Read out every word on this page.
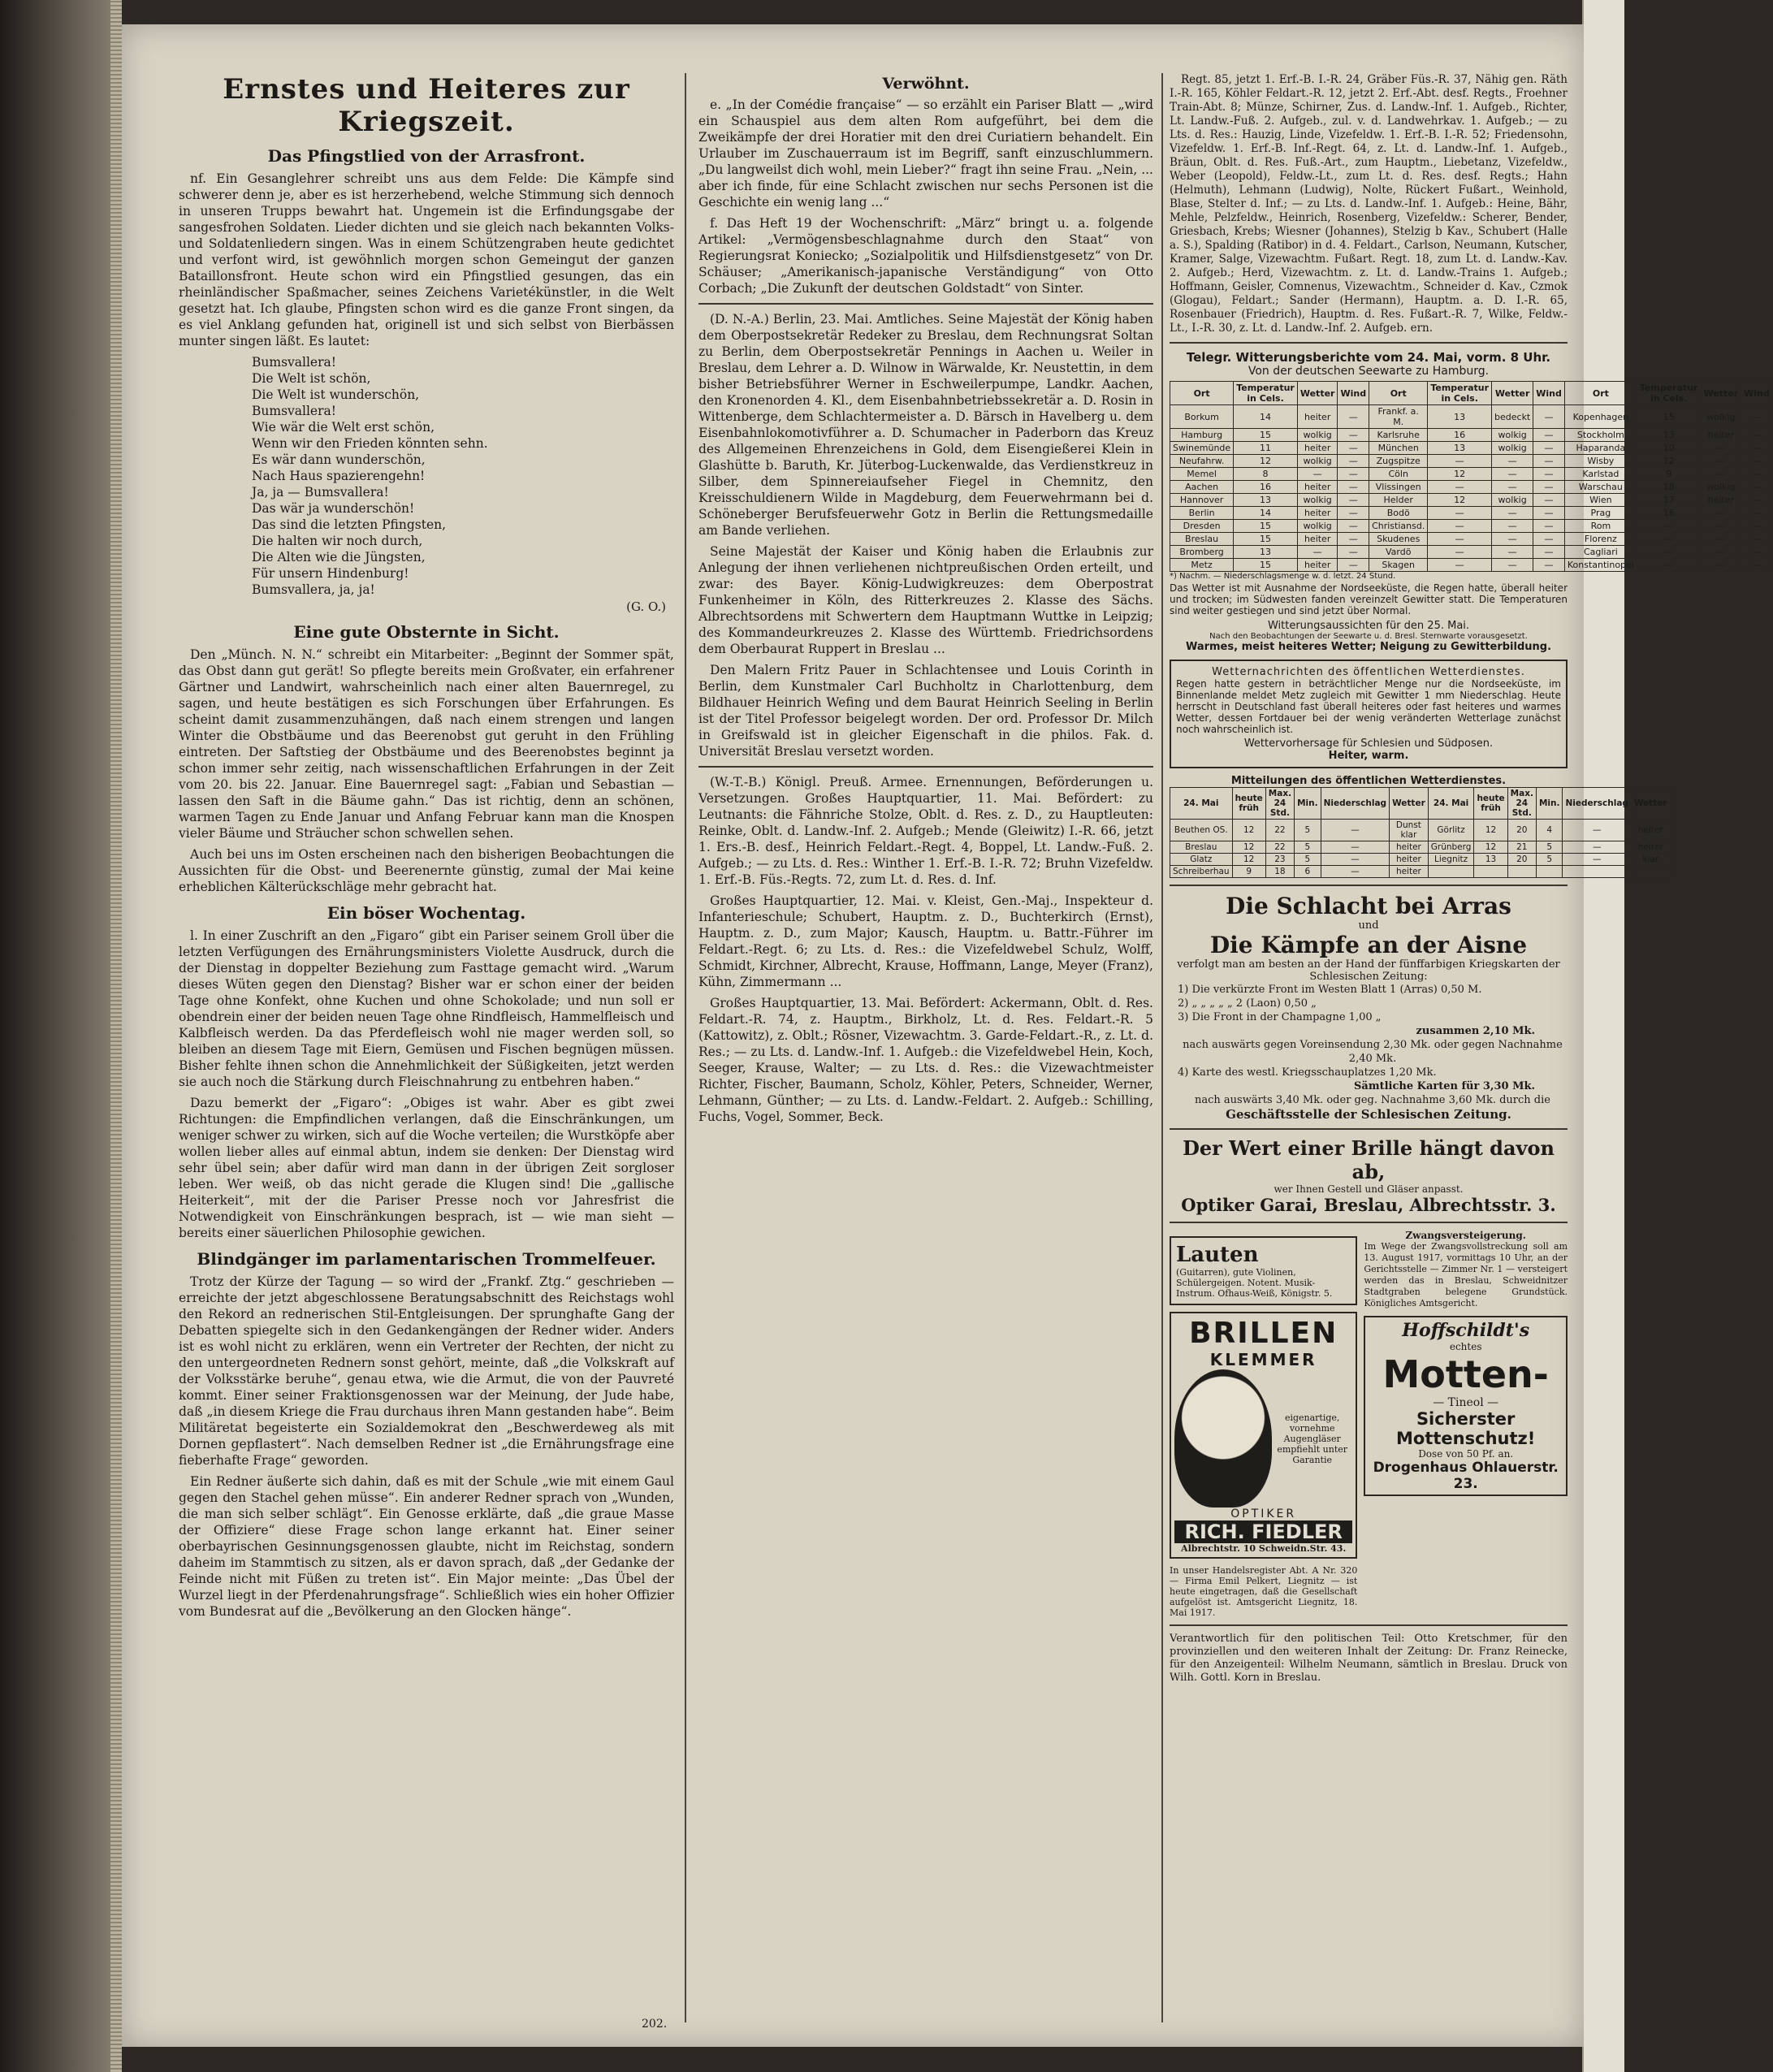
Ernstes und Heiteres zur Kriegszeit.
Das Pfingstlied von der Arrasfront.

nf. Ein Gesanglehrer schreibt uns aus dem Felde: Die Kämpfe sind schwerer denn je, aber es ist herzerhebend, welche Stimmung sich dennoch in unseren Trupps bewahrt hat. Ungemein ist die Erfindungsgabe der sangesfrohen Soldaten. Lieder dichten und sie gleich nach bekannten Volks- und Soldatenliedern singen. Was in einem Schützengraben heute gedichtet und verfont wird, ist gewöhnlich morgen schon Gemeingut der ganzen Bataillonsfront. Heute schon wird ein Pfingstlied gesungen, das ein rheinländischer Spaßmacher, seines Zeichens Varietékünstler, in die Welt gesetzt hat. Ich glaube, Pfingsten schon wird es die ganze Front singen, da es viel Anklang gefunden hat, originell ist und sich selbst von Bierbässen munter singen läßt. Es lautet:

Bumsvallera!
Die Welt ist schön,
Die Welt ist wunderschön,
Bumsvallera!
Wie wär die Welt erst schön,
Wenn wir den Frieden könnten sehn.
Es wär dann wunderschön,
Nach Haus spazierengehn!
Ja, ja — Bumsvallera!
Das wär ja wunderschön!
Das sind die letzten Pfingsten,
Die halten wir noch durch,
Die Alten wie die Jüngsten,
Für unsern Hindenburg!
Bumsvallera, ja, ja!
(G. O.)
Eine gute Obsternte in Sicht.

Den „Münch. N. N.“ schreibt ein Mitarbeiter: „Beginnt der Sommer spät, das Obst dann gut gerät! So pflegte bereits mein Großvater, ein erfahrener Gärtner und Landwirt, wahrscheinlich nach einer alten Bauernregel, zu sagen, und heute bestätigen es sich Forschungen über Erfahrungen. Es scheint damit zusammenzuhängen, daß nach einem strengen und langen Winter die Obstbäume und das Beerenobst gut geruht in den Frühling eintreten. Der Saftstieg der Obstbäume und des Beerenobstes beginnt ja schon immer sehr zeitig, nach wissenschaftlichen Erfahrungen in der Zeit vom 20. bis 22. Januar. Eine Bauernregel sagt: „Fabian und Sebastian — lassen den Saft in die Bäume gahn.“ Das ist richtig, denn an schönen, warmen Tagen zu Ende Januar und Anfang Februar kann man die Knospen vieler Bäume und Sträucher schon schwellen sehen.

Auch bei uns im Osten erscheinen nach den bisherigen Beobachtungen die Aussichten für die Obst- und Beerenernte günstig, zumal der Mai keine erheblichen Kälterückschläge mehr gebracht hat.

Ein böser Wochentag.

l. In einer Zuschrift an den „Figaro“ gibt ein Pariser seinem Groll über die letzten Verfügungen des Ernährungsministers Violette Ausdruck, durch die der Dienstag in doppelter Beziehung zum Fasttage gemacht wird. „Warum dieses Wüten gegen den Dienstag? Bisher war er schon einer der beiden Tage ohne Konfekt, ohne Kuchen und ohne Schokolade; und nun soll er obendrein einer der beiden neuen Tage ohne Rindfleisch, Hammelfleisch und Kalbfleisch werden. Da das Pferdefleisch wohl nie mager werden soll, so bleiben an diesem Tage mit Eiern, Gemüsen und Fischen begnügen müssen. Bisher fehlte ihnen schon die Annehmlichkeit der Süßigkeiten, jetzt werden sie auch noch die Stärkung durch Fleischnahrung zu entbehren haben.“

Dazu bemerkt der „Figaro“: „Obiges ist wahr. Aber es gibt zwei Richtungen: die Empfindlichen verlangen, daß die Einschränkungen, um weniger schwer zu wirken, sich auf die Woche verteilen; die Wurstköpfe aber wollen lieber alles auf einmal abtun, indem sie denken: Der Dienstag wird sehr übel sein; aber dafür wird man dann in der übrigen Zeit sorgloser leben. Wer weiß, ob das nicht gerade die Klugen sind! Die „gallische Heiterkeit“, mit der die Pariser Presse noch vor Jahresfrist die Notwendigkeit von Einschränkungen besprach, ist — wie man sieht — bereits einer säuerlichen Philosophie gewichen.

Blindgänger im parlamentarischen Trommelfeuer.

Trotz der Kürze der Tagung — so wird der „Frankf. Ztg.“ geschrieben — erreichte der jetzt abgeschlossene Beratungsabschnitt des Reichstags wohl den Rekord an rednerischen Stil-Entgleisungen. Der sprunghafte Gang der Debatten spiegelte sich in den Gedankengängen der Redner wider. Anders ist es wohl nicht zu erklären, wenn ein Vertreter der Rechten, der nicht zu den untergeordneten Rednern sonst gehört, meinte, daß „die Volkskraft auf der Volksstärke beruhe“, genau etwa, wie die Armut, die von der Pauvreté kommt. Einer seiner Fraktionsgenossen war der Meinung, der Jude habe, daß „in diesem Kriege die Frau durchaus ihren Mann gestanden habe“. Beim Militäretat begeisterte ein Sozialdemokrat den „Beschwerdeweg als mit Dornen gepflastert“. Nach demselben Redner ist „die Ernährungsfrage eine fieberhafte Frage“ geworden.

Ein Redner äußerte sich dahin, daß es mit der Schule „wie mit einem Gaul gegen den Stachel gehen müsse“. Ein anderer Redner sprach von „Wunden, die man sich selber schlägt“. Ein Genosse erklärte, daß „die graue Masse der Offiziere“ diese Frage schon lange erkannt hat. Einer seiner oberbayrischen Gesinnungsgenossen glaubte, nicht im Reichstag, sondern daheim im Stammtisch zu sitzen, als er davon sprach, daß „der Gedanke der Feinde nicht mit Füßen zu treten ist“. Ein Major meinte: „Das Übel der Wurzel liegt in der Pferdenahrungsfrage“. Schließlich wies ein hoher Offizier vom Bundesrat auf die „Bevölkerung an den Glocken hänge“.

202.
Verwöhnt.

e. „In der Comédie française“ — so erzählt ein Pariser Blatt — „wird ein Schauspiel aus dem alten Rom aufgeführt, bei dem die Zweikämpfe der drei Horatier mit den drei Curiatiern behandelt. Ein Urlauber im Zuschauerraum ist im Begriff, sanft einzuschlummern. „Du langweilst dich wohl, mein Lieber?“ fragt ihn seine Frau. „Nein, ... aber ich finde, für eine Schlacht zwischen nur sechs Personen ist die Geschichte ein wenig lang ...“

f. Das Heft 19 der Wochenschrift: „März“ bringt u. a. folgende Artikel: „Vermögensbeschlagnahme durch den Staat“ von Regierungsrat Koniecko; „Sozialpolitik und Hilfsdienstgesetz“ von Dr. Schäuser; „Amerikanisch-japanische Verständigung“ von Otto Corbach; „Die Zukunft der deutschen Goldstadt“ von Sinter.

(D. N.-A.) Berlin, 23. Mai. Amtliches. Seine Majestät der König haben dem Oberpostsekretär Redeker zu Breslau, dem Rechnungsrat Soltan zu Berlin, dem Oberpostsekretär Pennings in Aachen u. Weiler in Breslau, dem Lehrer a. D. Wilnow in Wärwalde, Kr. Neustettin, in dem bisher Betriebsführer Werner in Eschweilerpumpe, Landkr. Aachen, den Kronenorden 4. Kl., dem Eisenbahnbetriebssekretär a. D. Rosin in Wittenberge, dem Schlachtermeister a. D. Bärsch in Havelberg u. dem Eisenbahnlokomotivführer a. D. Schumacher in Paderborn das Kreuz des Allgemeinen Ehrenzeichens in Gold, dem Eisengießerei Klein in Glashütte b. Baruth, Kr. Jüterbog-Luckenwalde, das Verdienstkreuz in Silber, dem Spinnereiaufseher Fiegel in Chemnitz, den Kreisschuldienern Wilde in Magdeburg, dem Feuerwehrmann bei d. Schöneberger Berufsfeuerwehr Gotz in Berlin die Rettungsmedaille am Bande verliehen.

Seine Majestät der Kaiser und König haben die Erlaubnis zur Anlegung der ihnen verliehenen nichtpreußischen Orden erteilt, und zwar: des Bayer. König-Ludwigkreuzes: dem Oberpostrat Funkenheimer in Köln, des Ritterkreuzes 2. Klasse des Sächs. Albrechtsordens mit Schwertern dem Hauptmann Wuttke in Leipzig; des Kommandeurkreuzes 2. Klasse des Württemb. Friedrichsordens dem Oberbaurat Ruppert in Breslau ...

Den Malern Fritz Pauer in Schlachtensee und Louis Corinth in Berlin, dem Kunstmaler Carl Buchholtz in Charlottenburg, dem Bildhauer Heinrich Wefing und dem Baurat Heinrich Seeling in Berlin ist der Titel Professor beigelegt worden. Der ord. Professor Dr. Milch in Greifswald ist in gleicher Eigenschaft in die philos. Fak. d. Universität Breslau versetzt worden.

(W.-T.-B.) Königl. Preuß. Armee. Ernennungen, Beförderungen u. Versetzungen. Großes Hauptquartier, 11. Mai. Befördert: zu Leutnants: die Fähnriche Stolze, Oblt. d. Res. z. D., zu Hauptleuten: Reinke, Oblt. d. Landw.-Inf. 2. Aufgeb.; Mende (Gleiwitz) I.-R. 66, jetzt 1. Ers.-B. desf., Heinrich Feldart.-Regt. 4, Boppel, Lt. Landw.-Fuß. 2. Aufgeb.; — zu Lts. d. Res.: Winther 1. Erf.-B. I.-R. 72; Bruhn Vizefeldw. 1. Erf.-B. Füs.-Regts. 72, zum Lt. d. Res. d. Inf.

Großes Hauptquartier, 12. Mai. v. Kleist, Gen.-Maj., Inspekteur d. Infanterieschule; Schubert, Hauptm. z. D., Buchterkirch (Ernst), Hauptm. z. D., zum Major; Kausch, Hauptm. u. Battr.-Führer im Feldart.-Regt. 6; zu Lts. d. Res.: die Vizefeldwebel Schulz, Wolff, Schmidt, Kirchner, Albrecht, Krause, Hoffmann, Lange, Meyer (Franz), Kühn, Zimmermann ...

Großes Hauptquartier, 13. Mai. Befördert: Ackermann, Oblt. d. Res. Feldart.-R. 74, z. Hauptm., Birkholz, Lt. d. Res. Feldart.-R. 5 (Kattowitz), z. Oblt.; Rösner, Vizewachtm. 3. Garde-Feldart.-R., z. Lt. d. Res.; — zu Lts. d. Landw.-Inf. 1. Aufgeb.: die Vizefeldwebel Hein, Koch, Seeger, Krause, Walter; — zu Lts. d. Res.: die Vizewachtmeister Richter, Fischer, Baumann, Scholz, Köhler, Peters, Schneider, Werner, Lehmann, Günther; — zu Lts. d. Landw.-Feldart. 2. Aufgeb.: Schilling, Fuchs, Vogel, Sommer, Beck.

Regt. 85, jetzt 1. Erf.-B. I.-R. 24, Gräber Füs.-R. 37, Nähig gen. Räth I.-R. 165, Köhler Feldart.-R. 12, jetzt 2. Erf.-Abt. desf. Regts., Froehner Train-Abt. 8; Münze, Schirner, Zus. d. Landw.-Inf. 1. Aufgeb., Richter, Lt. Landw.-Fuß. 2. Aufgeb., zul. v. d. Landwehrkav. 1. Aufgeb.; — zu Lts. d. Res.: Hauzig, Linde, Vizefeldw. 1. Erf.-B. I.-R. 52; Friedensohn, Vizefeldw. 1. Erf.-B. Inf.-Regt. 64, z. Lt. d. Landw.-Inf. 1. Aufgeb., Bräun, Oblt. d. Res. Fuß.-Art., zum Hauptm., Liebetanz, Vizefeldw., Weber (Leopold), Feldw.-Lt., zum Lt. d. Res. desf. Regts.; Hahn (Helmuth), Lehmann (Ludwig), Nolte, Rückert Fußart., Weinhold, Blase, Stelter d. Inf.; — zu Lts. d. Landw.-Inf. 1. Aufgeb.: Heine, Bähr, Mehle, Pelzfeldw., Heinrich, Rosenberg, Vizefeldw.: Scherer, Bender, Griesbach, Krebs; Wiesner (Johannes), Stelzig b Kav., Schubert (Halle a. S.), Spalding (Ratibor) in d. 4. Feldart., Carlson, Neumann, Kutscher, Kramer, Salge, Vizewachtm. Fußart. Regt. 18, zum Lt. d. Landw.-Kav. 2. Aufgeb.; Herd, Vizewachtm. z. Lt. d. Landw.-Trains 1. Aufgeb.; Hoffmann, Geisler, Comnenus, Vizewachtm., Schneider d. Kav., Czmok (Glogau), Feldart.; Sander (Hermann), Hauptm. a. D. I.-R. 65, Rosenbauer (Friedrich), Hauptm. d. Res. Fußart.-R. 7, Wilke, Feldw.-Lt., I.-R. 30, z. Lt. d. Landw.-Inf. 2. Aufgeb. ern.

Telegr. Witterungsberichte vom 24. Mai, vorm. 8 Uhr.
Von der deutschen Seewarte zu Hamburg.
Ort	Temperatur in Cels.	Wetter	Wind	Ort	Temperatur in Cels.	Wetter	Wind	Ort	Temperatur in Cels.	Wetter	Wind
Borkum	14	heiter	—	Frankf. a. M.	13	bedeckt	—	Kopenhagen	15	wolkig	—
Hamburg	15	wolkig	—	Karlsruhe	16	wolkig	—	Stockholm	13	heiter	—
Swinemünde	11	heiter	—	München	13	wolkig	—	Haparanda	10	—	—
Neufahrw.	12	wolkig	—	Zugspitze	—	—	—	Wisby	12	—	—
Memel	8	—	—	Cöln	12	—	—	Karlstad	9	—	—
Aachen	16	heiter	—	Vlissingen	—	—	—	Warschau	18	wolkig	—
Hannover	13	wolkig	—	Helder	12	wolkig	—	Wien	17	heiter	—
Berlin	14	heiter	—	Bodö	—	—	—	Prag	16	—	—
Dresden	15	wolkig	—	Christiansd.	—	—	—	Rom	—	—	—
Breslau	15	heiter	—	Skudenes	—	—	—	Florenz	—	—	—
Bromberg	13	—	—	Vardö	—	—	—	Cagliari	—	—	—
Metz	15	heiter	—	Skagen	—	—	—	Konstantinopel	—	—	—
*) Nachm. — Niederschlagsmenge w. d. letzt. 24 Stund.
Das Wetter ist mit Ausnahme der Nordseeküste, die Regen hatte, überall heiter und trocken; im Südwesten fanden vereinzelt Gewitter statt. Die Temperaturen sind weiter gestiegen und sind jetzt über Normal.
Witterungsaussichten für den 25. Mai.
Nach den Beobachtungen der Seewarte u. d. Bresl. Sternwarte vorausgesetzt.
Warmes, meist heiteres Wetter; Neigung zu Gewitterbildung.
Wetternachrichten des öffentlichen Wetterdienstes.
Regen hatte gestern in beträchtlicher Menge nur die Nordseeküste, im Binnenlande meldet Metz zugleich mit Gewitter 1 mm Niederschlag. Heute herrscht in Deutschland fast überall heiteres oder fast heiteres und warmes Wetter, dessen Fortdauer bei der wenig veränderten Wetterlage zunächst noch wahrscheinlich ist.
Wettervorhersage für Schlesien und Südposen.
Heiter, warm.
Mitteilungen des öffentlichen Wetterdienstes.
24. Mai	heute früh	Max. 24 Std.	Min.	Niederschlag	Wetter	24. Mai	heute früh	Max. 24 Std.	Min.	Niederschlag	Wetter
Beuthen OS.	12	22	5	—	Dunst klar	Görlitz	12	20	4	—	heiter
Breslau	12	22	5	—	heiter	Grünberg	12	21	5	—	heiter
Glatz	12	23	5	—	heiter	Liegnitz	13	20	5	—	klar
Schreiberhau	9	18	6	—	heiter						
Die Schlacht bei Arras
und
Die Kämpfe an der Aisne
verfolgt man am besten an der Hand der fünffarbigen Kriegskarten der Schlesischen Zeitung:
1) Die verkürzte Front im Westen Blatt 1 (Arras) 0,50 M.
2) „ „ „ „ „ 2 (Laon) 0,50 „
3) Die Front in der Champagne 1,00 „
zusammen 2,10 Mk.
nach auswärts gegen Voreinsendung 2,30 Mk. oder gegen Nachnahme 2,40 Mk.
4) Karte des westl. Kriegsschauplatzes 1,20 Mk.
Sämtliche Karten für 3,30 Mk.
nach auswärts 3,40 Mk. oder geg. Nachnahme 3,60 Mk. durch die
Geschäftsstelle der Schlesischen Zeitung.
Der Wert einer Brille hängt davon ab,
wer Ihnen Gestell und Gläser anpasst.
Optiker Garai, Breslau, Albrechtsstr. 3.
Lauten
(Guitarren), gute Violinen, Schülergeigen. Notent. Musik-Instrum. Ofhaus-Weiß, Königstr. 5.
BRILLEN
KLEMMER
eigenartige, vornehme Augengläser empfiehlt unter Garantie
OPTIKER
RICH. FIEDLER
Albrechtstr. 10 Schweidn.Str. 43.
In unser Handelsregister Abt. A Nr. 320 — Firma Emil Pelkert, Liegnitz — ist heute eingetragen, daß die Gesellschaft aufgelöst ist. Amtsgericht Liegnitz, 18. Mai 1917.
Zwangsversteigerung.
Im Wege der Zwangsvollstreckung soll am 13. August 1917, vormittags 10 Uhr, an der Gerichtsstelle — Zimmer Nr. 1 — versteigert werden das in Breslau, Schweidnitzer Stadtgraben belegene Grundstück. Königliches Amtsgericht.
Hoffschildt's
echtes
Motten-
— Tineol —
Sicherster Mottenschutz!
Dose von 50 Pf. an.
Drogenhaus Ohlauerstr. 23.
Verantwortlich für den politischen Teil: Otto Kretschmer, für den provinziellen und den weiteren Inhalt der Zeitung: Dr. Franz Reinecke, für den Anzeigenteil: Wilhelm Neumann, sämtlich in Breslau. Druck von Wilh. Gottl. Korn in Breslau.
